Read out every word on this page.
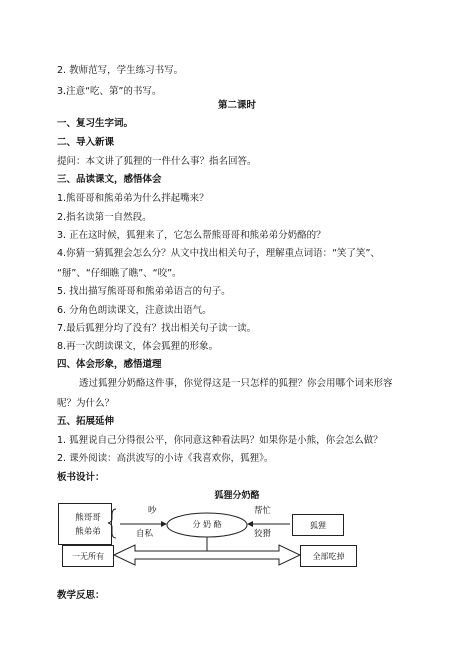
2. 教师范写，学生练习书写。
3.注意“吃、第”的书写。
第二课时
一、复习生字词。
二、导入新课
提问：本文讲了狐狸的一件什么事？指名回答。
三、品读课文，感悟体会
1.熊哥哥和熊弟弟为什么拌起嘴来？
2.指名读第一自然段。
3. 正在这时候，狐狸来了，它怎么帮熊哥哥和熊弟弟分奶酪的？
4.你猜一猜狐狸会怎么分？从文中找出相关句子，理解重点词语：“笑了笑”、
“掰”、“仔细瞧了瞧”、“咬”。
5. 找出描写熊哥哥和熊弟弟语言的句子。
6. 分角色朗读课文，注意读出语气。
7.最后狐狸分均了没有？找出相关句子读一读。
8.再一次朗读课文，体会狐狸的形象。
四、体会形象，感悟道理
透过狐狸分奶酪这件事，你觉得这是一只怎样的狐狸？你会用哪个词来形容
呢？为什么？
五、拓展延伸
1. 狐狸说自己分得很公平，你同意这种看法吗？如果你是小熊，你会怎么做？
2. 课外阅读：高洪波写的小诗《我喜欢你，狐狸》。
板书设计：
狐狸分奶酪
熊哥哥
熊弟弟
吵
自私
分 奶 酪
帮忙
狡猾
狐狸
一无所有	全部吃掉
教学反思：
